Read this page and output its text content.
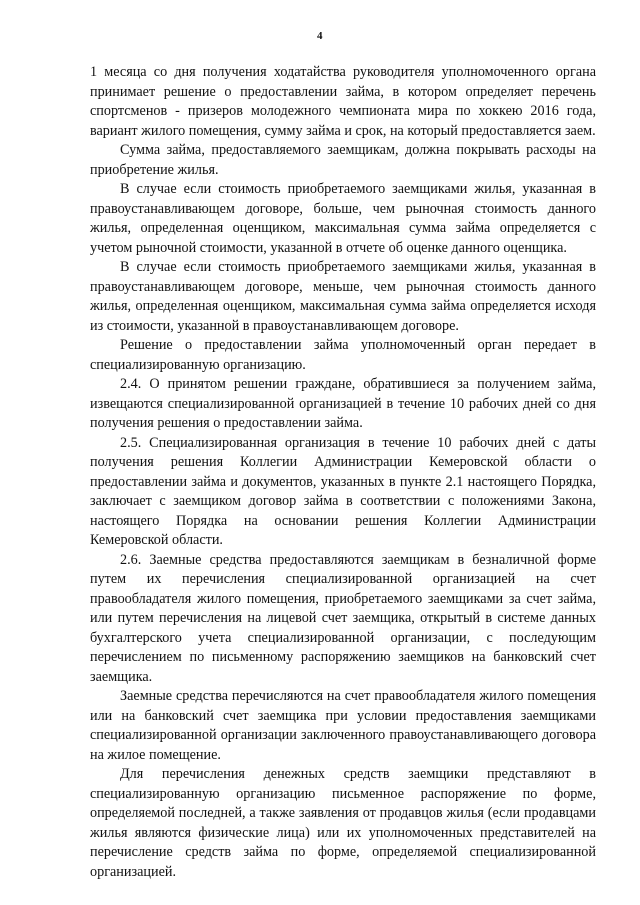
4

1 месяца со дня получения ходатайства руководителя уполномоченного органа принимает решение о предоставлении займа, в котором определяет перечень спортсменов - призеров молодежного чемпионата мира по хоккею 2016 года, вариант жилого помещения, сумму займа и срок, на который предоставляется заем.

Сумма займа, предоставляемого заемщикам, должна покрывать расходы на приобретение жилья.

В случае если стоимость приобретаемого заемщиками жилья, указанная в правоустанавливающем договоре, больше, чем рыночная стоимость данного жилья, определенная оценщиком, максимальная сумма займа определяется с учетом рыночной стоимости, указанной в отчете об оценке данного оценщика.

В случае если стоимость приобретаемого заемщиками жилья, указанная в правоустанавливающем договоре, меньше, чем рыночная стоимость данного жилья, определенная оценщиком, максимальная сумма займа определяется исходя из стоимости, указанной в правоустанавливающем договоре.

Решение о предоставлении займа уполномоченный орган передает в специализированную организацию.

2.4. О принятом решении граждане, обратившиеся за получением займа, извещаются специализированной организацией в течение 10 рабочих дней со дня получения решения о предоставлении займа.

2.5. Специализированная организация в течение 10 рабочих дней с даты получения решения Коллегии Администрации Кемеровской области о предоставлении займа и документов, указанных в пункте 2.1 настоящего Порядка, заключает с заемщиком договор займа в соответствии с положениями Закона, настоящего Порядка на основании решения Коллегии Администрации Кемеровской области.

2.6. Заемные средства предоставляются заемщикам в безналичной форме путем их перечисления специализированной организацией на счет правообладателя жилого помещения, приобретаемого заемщиками за счет займа, или путем перечисления на лицевой счет заемщика, открытый в системе данных бухгалтерского учета специализированной организации, с последующим перечислением по письменному распоряжению заемщиков на банковский счет заемщика.

Заемные средства перечисляются на счет правообладателя жилого помещения или на банковский счет заемщика при условии предоставления заемщиками специализированной организации заключенного правоустанавливающего договора на жилое помещение.

Для перечисления денежных средств заемщики представляют в специализированную организацию письменное распоряжение по форме, определяемой последней, а также заявления от продавцов жилья (если продавцами жилья являются физические лица) или их уполномоченных представителей на перечисление средств займа по форме, определяемой специализированной организацией.
